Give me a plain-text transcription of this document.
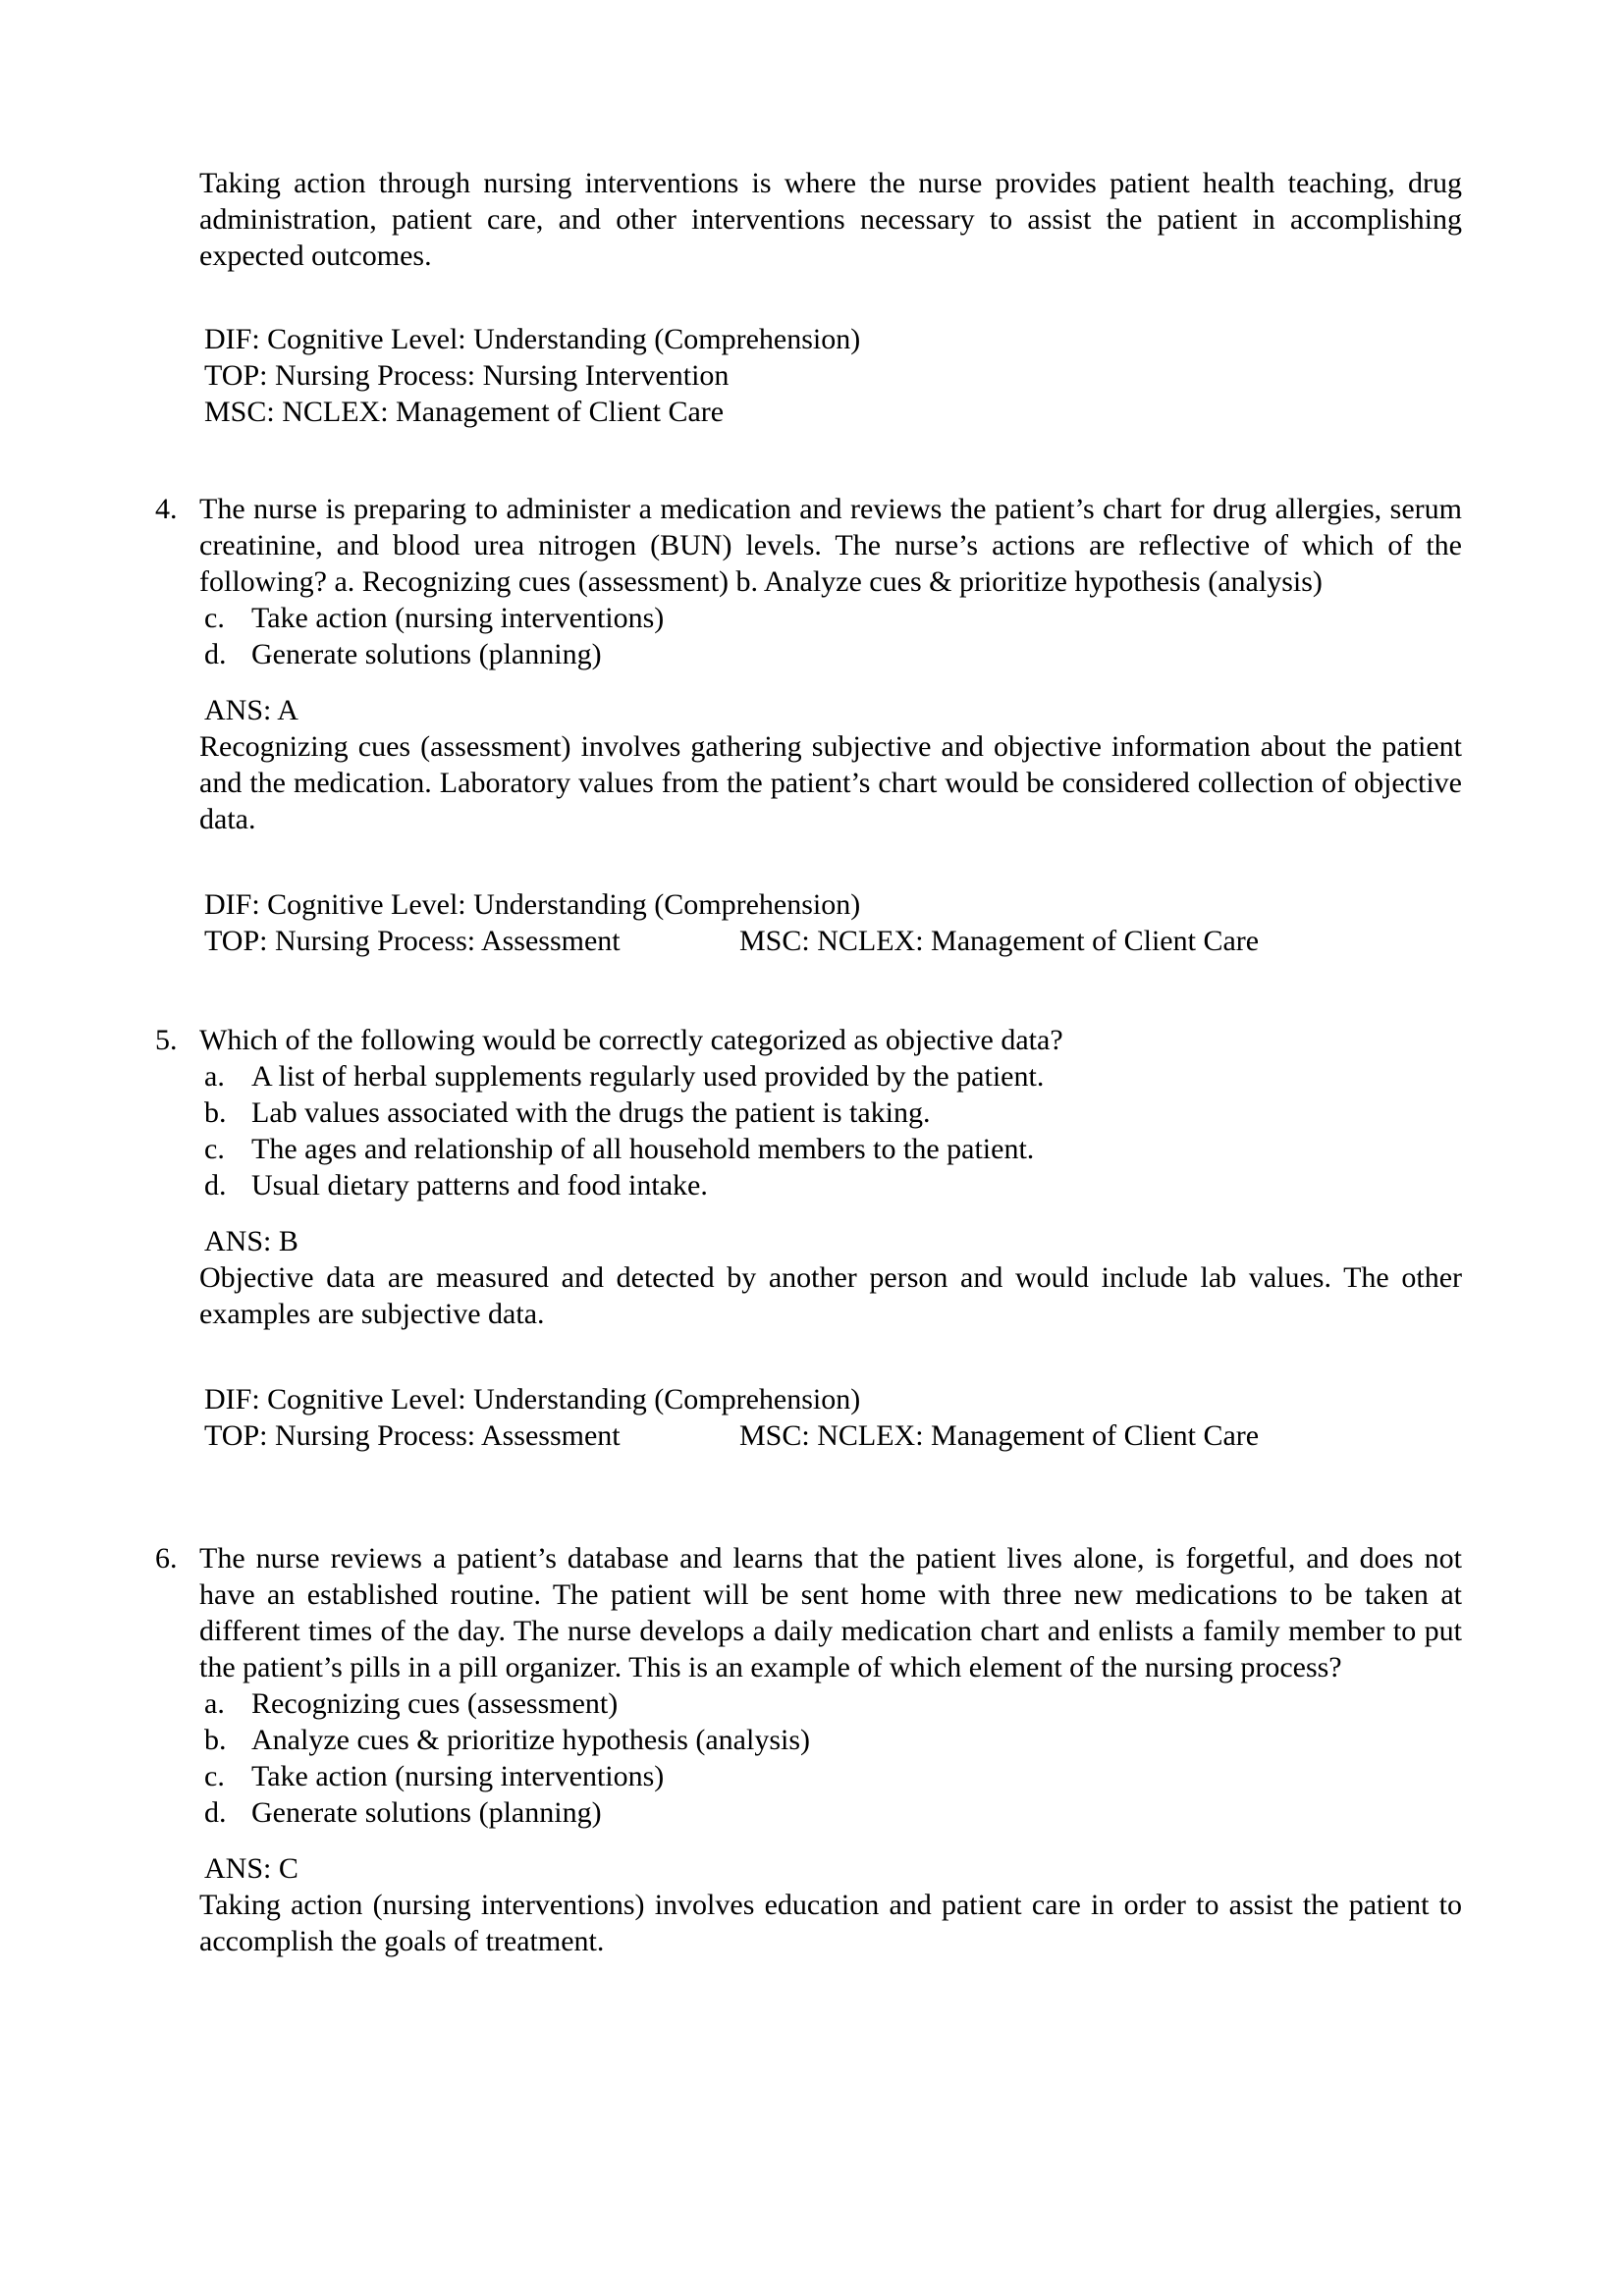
Taking action through nursing interventions is where the nurse provides patient health teaching, drug administration, patient care, and other interventions necessary to assist the patient in accomplishing expected outcomes.
DIF: Cognitive Level: Understanding (Comprehension)
TOP: Nursing Process: Nursing Intervention
MSC: NCLEX: Management of Client Care
4. The nurse is preparing to administer a medication and reviews the patient’s chart for drug allergies, serum creatinine, and blood urea nitrogen (BUN) levels. The nurse’s actions are reflective of which of the following? a. Recognizing cues (assessment) b. Analyze cues & prioritize hypothesis (analysis)
c. Take action (nursing interventions)
d. Generate solutions (planning)
ANS: A
Recognizing cues (assessment) involves gathering subjective and objective information about the patient and the medication. Laboratory values from the patient’s chart would be considered collection of objective data.
DIF: Cognitive Level: Understanding (Comprehension)
TOP: Nursing Process: Assessment	MSC: NCLEX: Management of Client Care
5. Which of the following would be correctly categorized as objective data?
a. A list of herbal supplements regularly used provided by the patient.
b. Lab values associated with the drugs the patient is taking.
c. The ages and relationship of all household members to the patient.
d. Usual dietary patterns and food intake.
ANS: B
Objective data are measured and detected by another person and would include lab values. The other examples are subjective data.
DIF: Cognitive Level: Understanding (Comprehension)
TOP: Nursing Process: Assessment	MSC: NCLEX: Management of Client Care
6. The nurse reviews a patient’s database and learns that the patient lives alone, is forgetful, and does not have an established routine. The patient will be sent home with three new medications to be taken at different times of the day. The nurse develops a daily medication chart and enlists a family member to put the patient’s pills in a pill organizer. This is an example of which element of the nursing process?
a. Recognizing cues (assessment)
b. Analyze cues & prioritize hypothesis (analysis)
c. Take action (nursing interventions)
d. Generate solutions (planning)
ANS: C
Taking action (nursing interventions) involves education and patient care in order to assist the patient to accomplish the goals of treatment.
